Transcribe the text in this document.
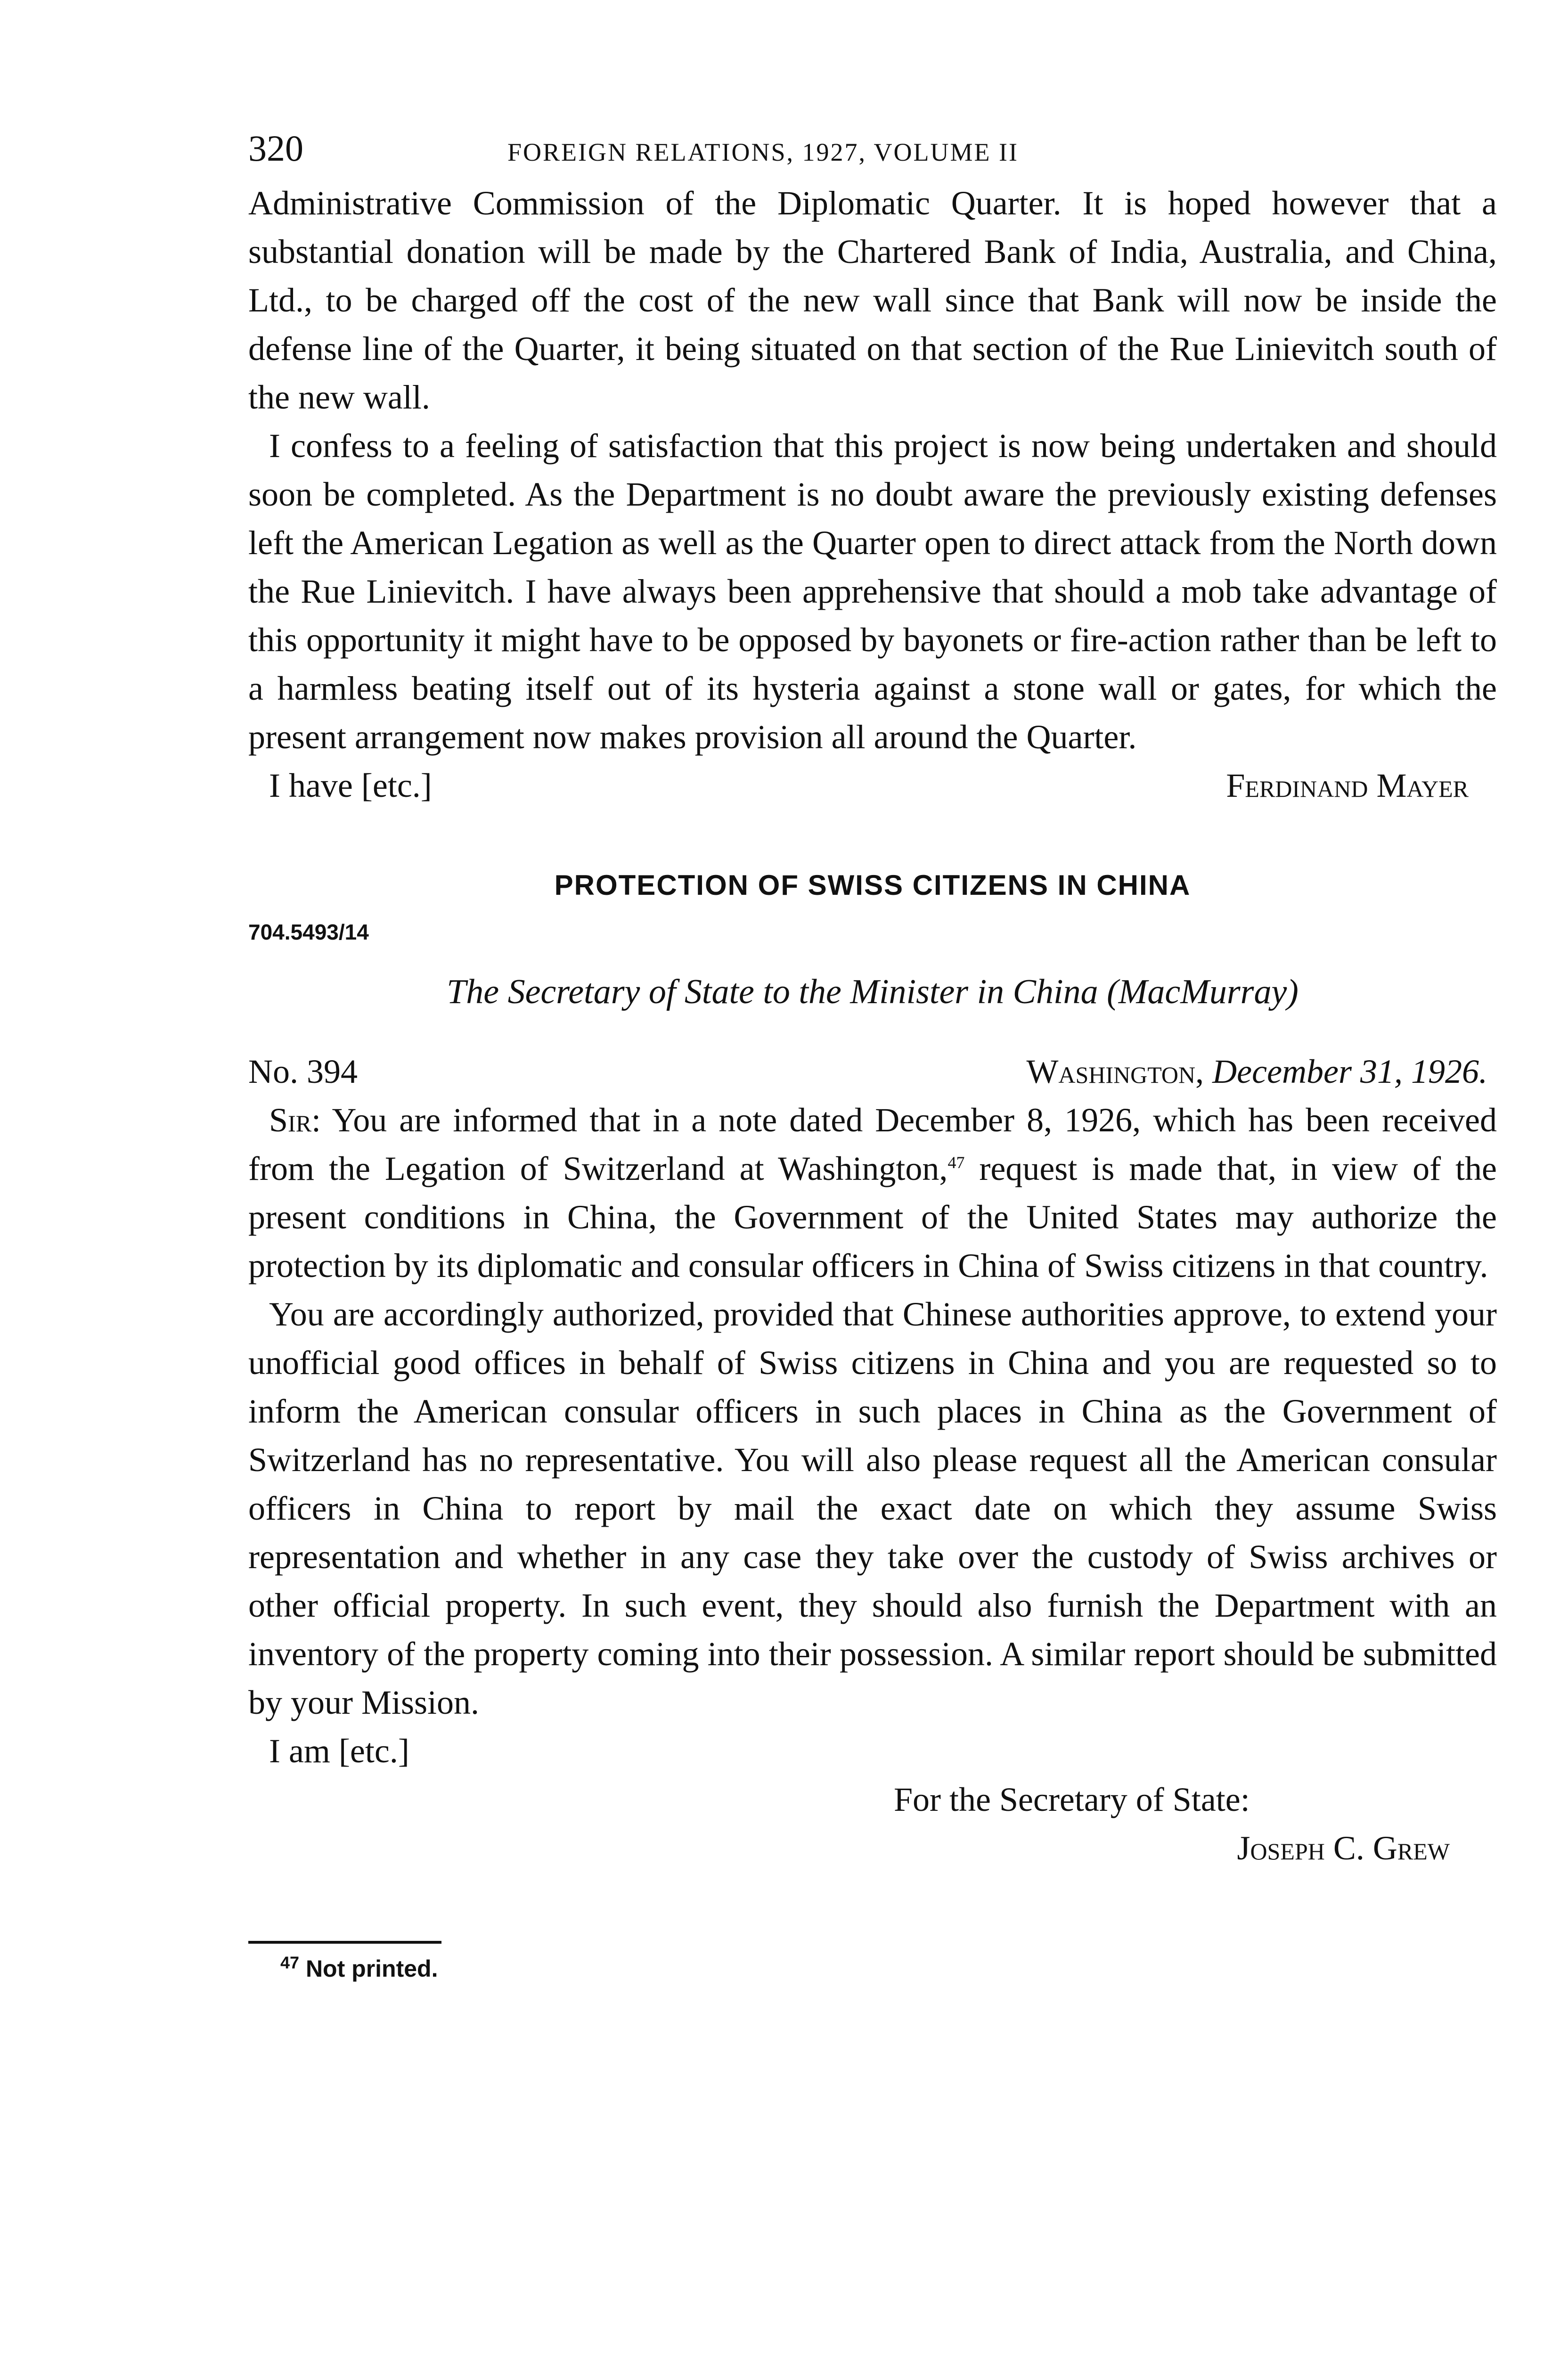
320	FOREIGN RELATIONS, 1927, VOLUME II

Administrative Commission of the Diplomatic Quarter. It is hoped however that a substantial donation will be made by the Chartered Bank of India, Australia, and China, Ltd., to be charged off the cost of the new wall since that Bank will now be inside the defense line of the Quarter, it being situated on that section of the Rue Linievitch south of the new wall.

I confess to a feeling of satisfaction that this project is now being undertaken and should soon be completed. As the Department is no doubt aware the previously existing defenses left the American Legation as well as the Quarter open to direct attack from the North down the Rue Linievitch. I have always been apprehensive that should a mob take advantage of this opportunity it might have to be opposed by bayonets or fire-action rather than be left to a harmless beating itself out of its hysteria against a stone wall or gates, for which the present arrangement now makes provision all around the Quarter.

I have [etc.]	Ferdinand Mayer
PROTECTION OF SWISS CITIZENS IN CHINA
704.5493/14
The Secretary of State to the Minister in China (MacMurray)
No. 394	Washington, December 31, 1926.

Sir: You are informed that in a note dated December 8, 1926, which has been received from the Legation of Switzerland at Washington,$^{47}$ request is made that, in view of the present conditions in China, the Government of the United States may authorize the protection by its diplomatic and consular officers in China of Swiss citizens in that country.

You are accordingly authorized, provided that Chinese authorities approve, to extend your unofficial good offices in behalf of Swiss citizens in China and you are requested so to inform the American consular officers in such places in China as the Government of Switzerland has no representative. You will also please request all the American consular officers in China to report by mail the exact date on which they assume Swiss representation and whether in any case they take over the custody of Swiss archives or other official property. In such event, they should also furnish the Department with an inventory of the property coming into their possession. A similar report should be submitted by your Mission.

I am [etc.]

For the Secretary of State:
Joseph C. Grew
$^{47}$ Not printed.
